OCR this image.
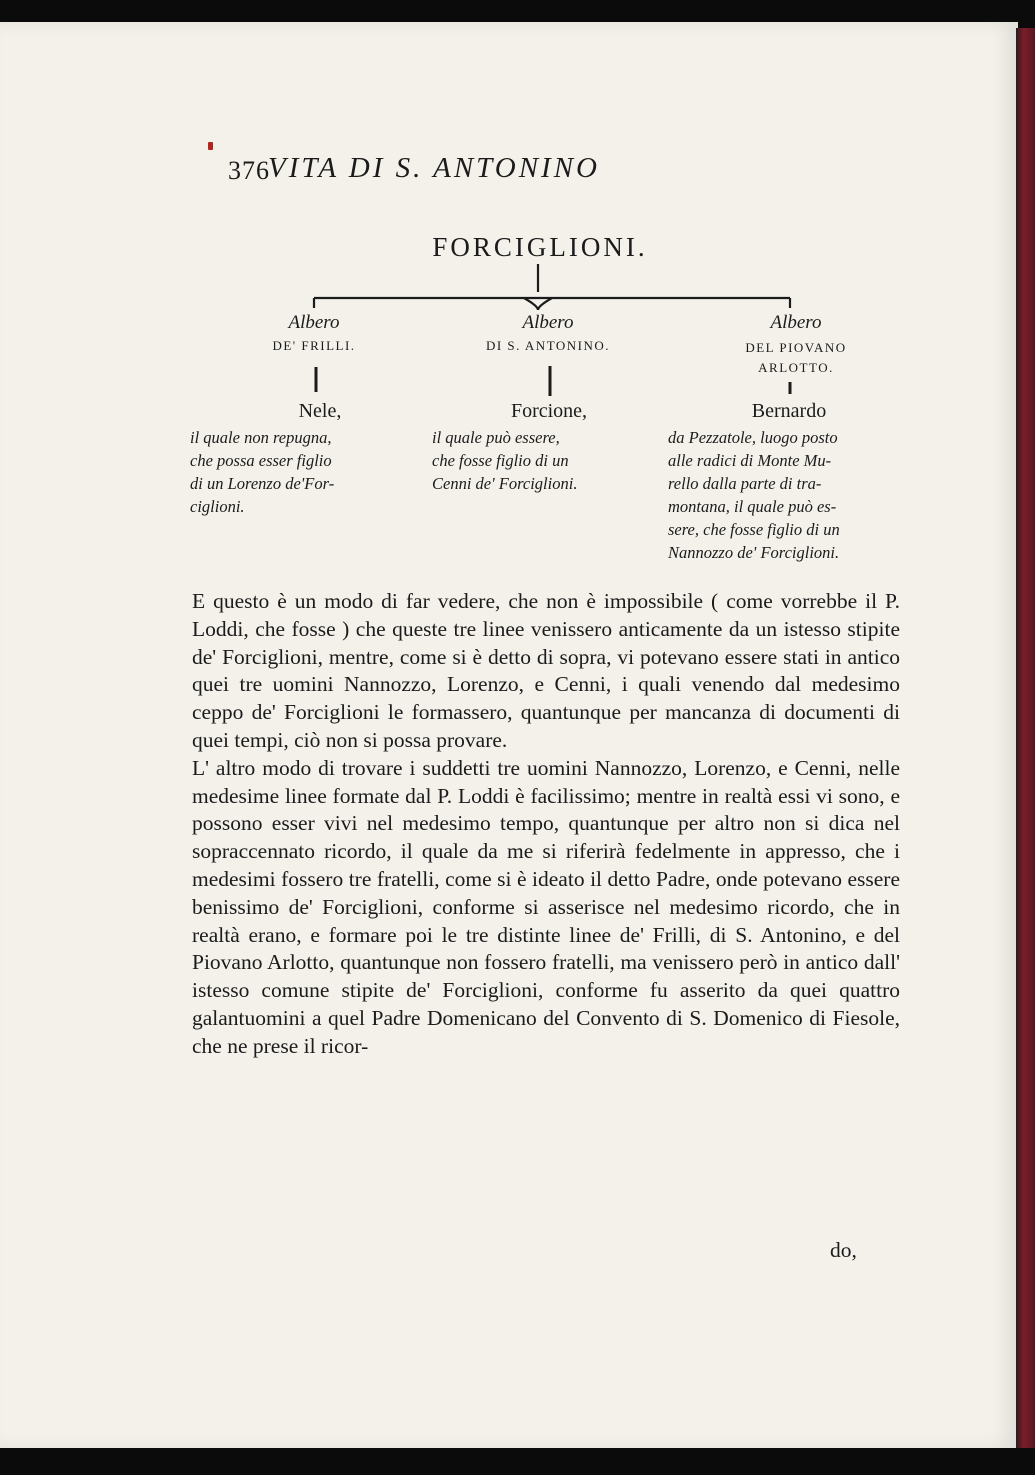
376
VITA DI S. ANTONINO
FORCIGLIONI.
Albero
DE' FRILLI.
Nele,
il quale non repugna,
che possa esser figlio
di un Lorenzo de'For-
ciglioni.
Albero
DI S. ANTONINO.
Forcione,
il quale può essere,
che fosse figlio di un
Cenni de' Forciglioni.
Albero
DEL PIOVANO ARLOTTO.
Bernardo
da Pezzatole, luogo posto
alle radici di Monte Mu-
rello dalla parte di tra-
montana, il quale può es-
sere, che fosse figlio di un
Nannozzo de' Forciglioni.

E questo è un modo di far vedere, che non è impossibile ( come vorrebbe il P. Loddi, che fosse ) che queste tre linee venissero anticamente da un istesso stipite de' Forciglioni, mentre, come si è detto di sopra, vi potevano essere stati in antico quei tre uomini Nannozzo, Lorenzo, e Cenni, i quali venendo dal medesimo ceppo de' Forciglioni le formassero, quantunque per mancanza di documenti di quei tempi, ciò non si possa provare.

L' altro modo di trovare i suddetti tre uomini Nannozzo, Lorenzo, e Cenni, nelle medesime linee formate dal P. Loddi è facilissimo; mentre in realtà essi vi sono, e possono esser vivi nel medesimo tempo, quantunque per altro non si dica nel sopraccennato ricordo, il quale da me si riferirà fedelmente in appresso, che i medesimi fossero tre fratelli, come si è ideato il detto Padre, onde potevano essere benissimo de' Forciglioni, conforme si asserisce nel medesimo ricordo, che in realtà erano, e formare poi le tre distinte linee de' Frilli, di S. Antonino, e del Piovano Arlotto, quantunque non fossero fratelli, ma venissero però in antico dall' istesso comune stipite de' Forciglioni, conforme fu asserito da quei quattro galantuomini a quel Padre Domenicano del Convento di S. Domenico di Fiesole, che ne prese il ricor-

do,
